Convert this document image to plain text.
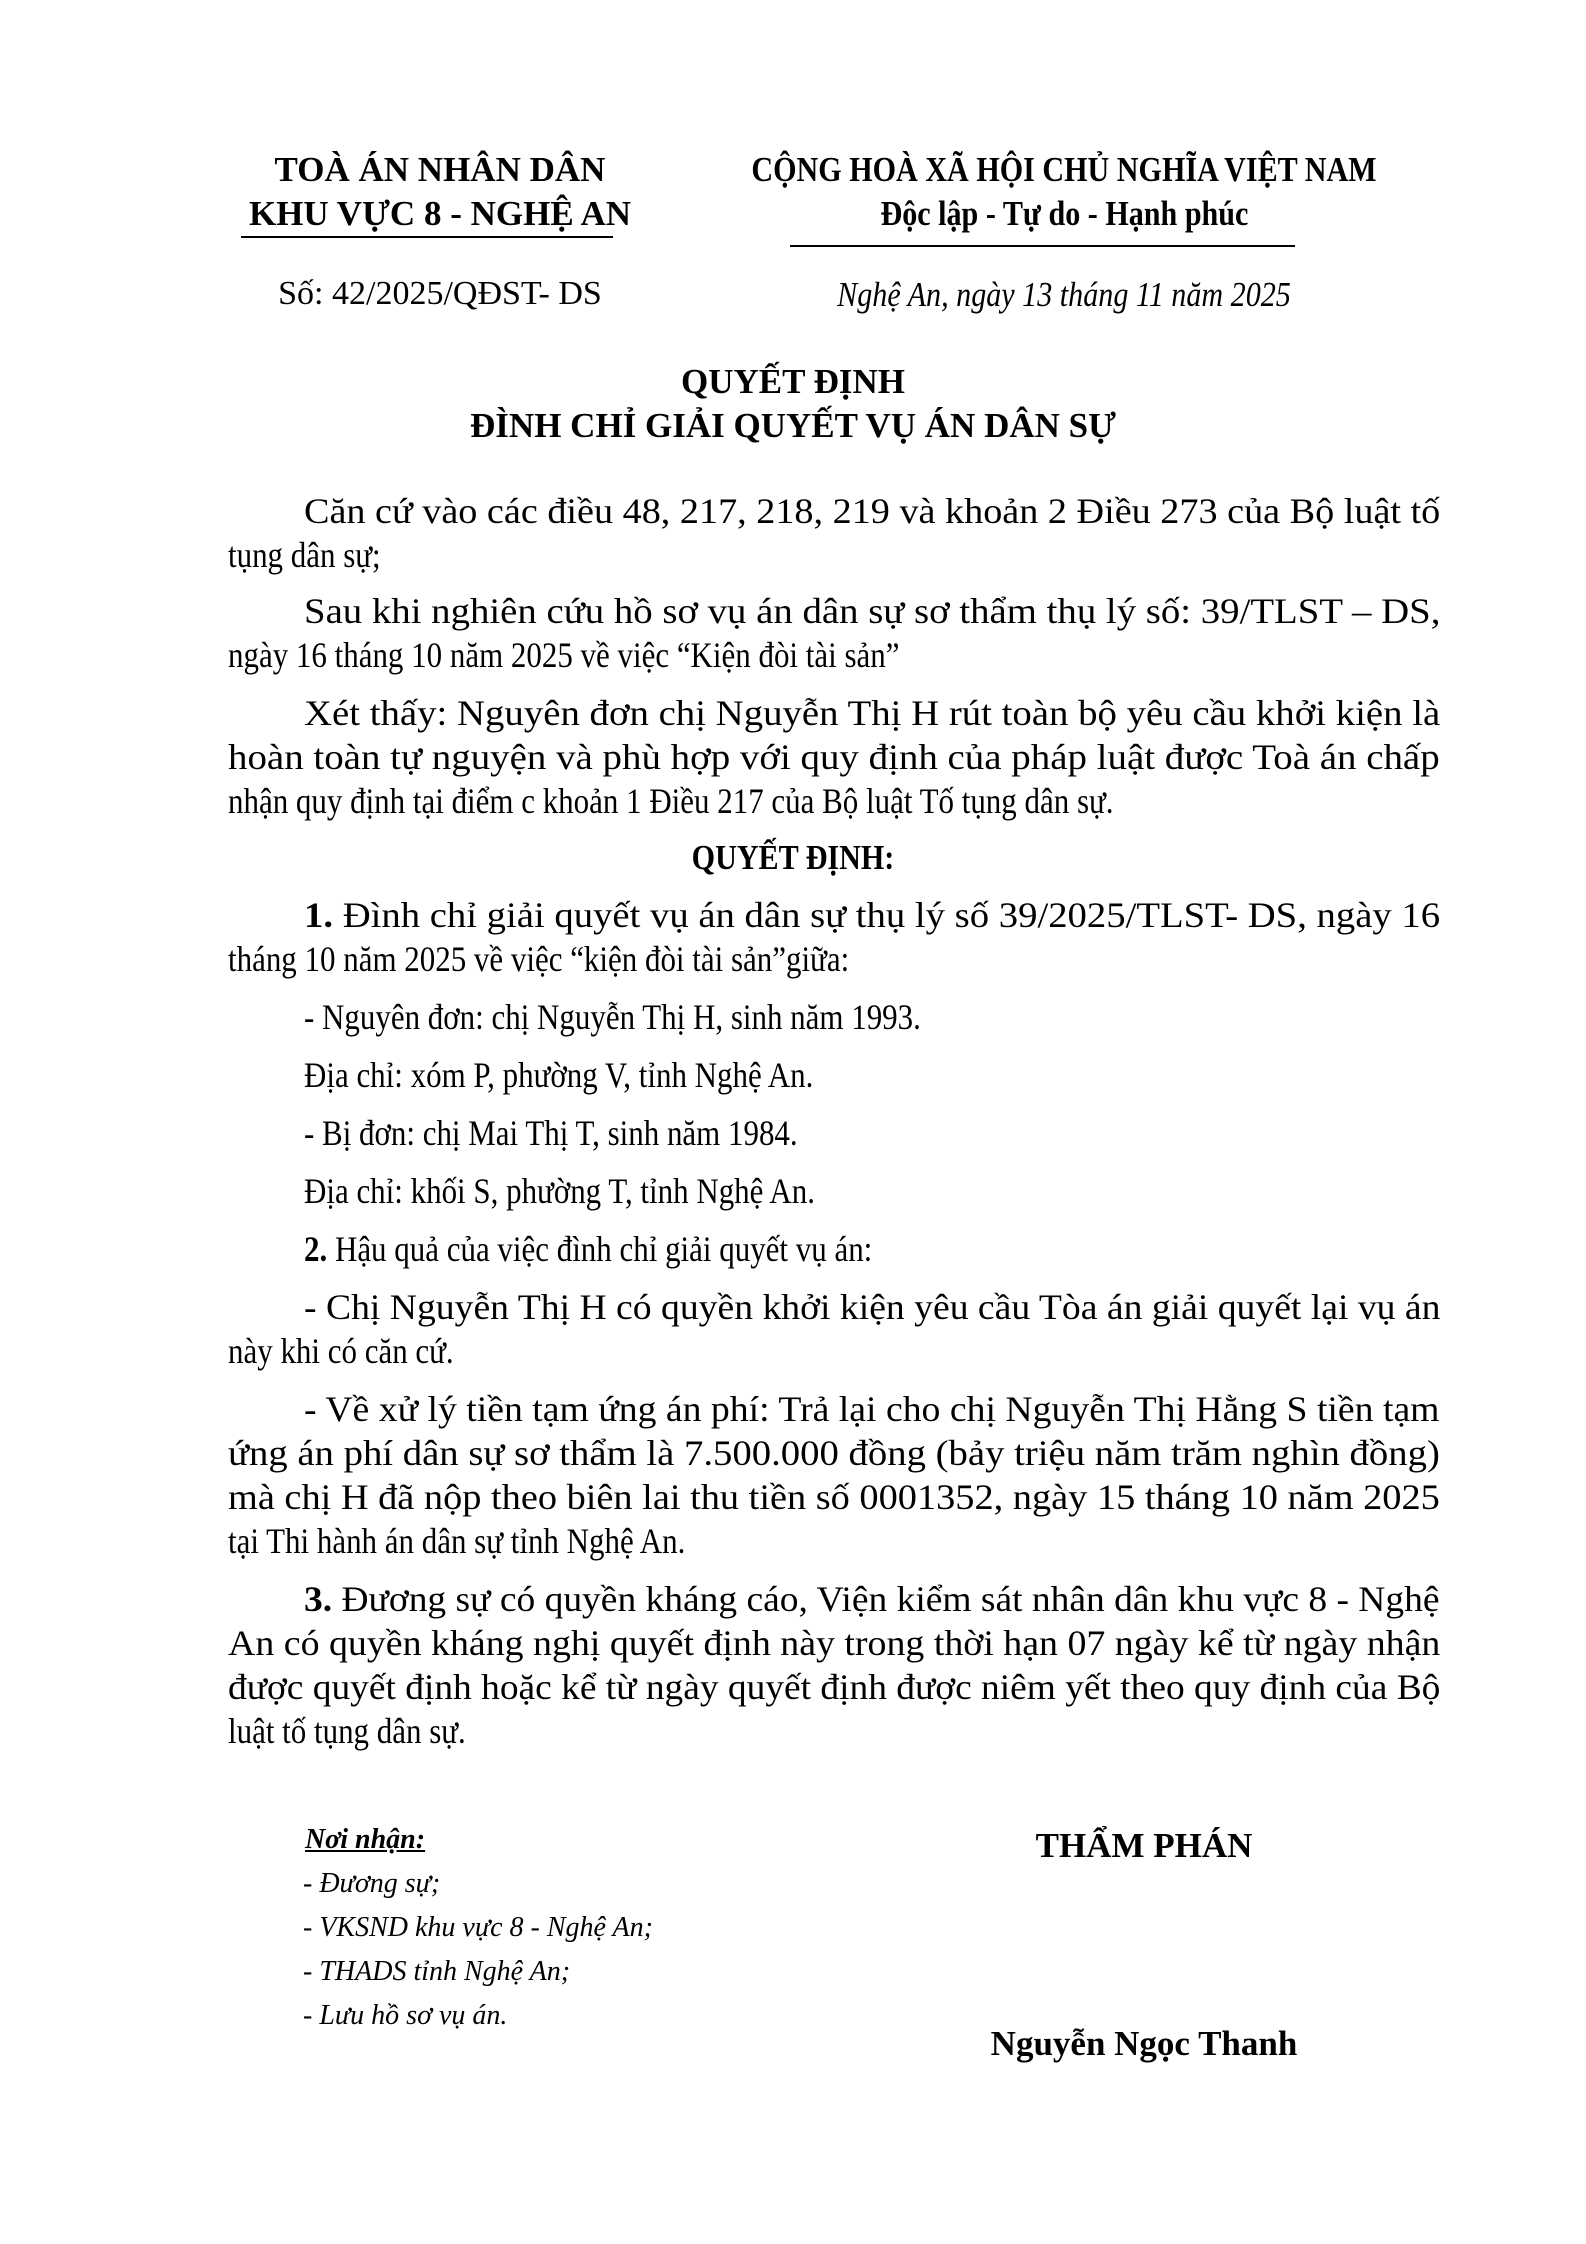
TOÀ ÁN NHÂN DÂN
KHU VỰC 8 - NGHỆ AN
CỘNG HOÀ XÃ HỘI CHỦ NGHĨA VIỆT NAM
Độc lập - Tự do - Hạnh phúc
Số: 42/2025/QĐST- DS	Nghệ An, ngày 13 tháng 11 năm 2025
QUYẾT ĐỊNH
ĐÌNH CHỈ GIẢI QUYẾT VỤ ÁN DÂN SỰ
Căn cứ vào các điều 48, 217, 218, 219 và khoản 2 Điều 273 của Bộ luật tố
tụng dân sự;
Sau khi nghiên cứu hồ sơ vụ án dân sự sơ thẩm thụ lý số: 39/TLST – DS,
ngày 16 tháng 10 năm 2025 về việc “Kiện đòi tài sản”
Xét thấy: Nguyên đơn chị Nguyễn Thị H rút toàn bộ yêu cầu khởi kiện là
hoàn toàn tự nguyện và phù hợp với quy định của pháp luật được Toà án chấp
nhận quy định tại điểm c khoản 1 Điều 217 của Bộ luật Tố tụng dân sự.
QUYẾT ĐỊNH:
1. Đình chỉ giải quyết vụ án dân sự thụ lý số 39/2025/TLST- DS, ngày 16
tháng 10 năm 2025 về việc “kiện đòi tài sản”giữa:
- Nguyên đơn: chị Nguyễn Thị H, sinh năm 1993.
Địa chỉ: xóm P, phường V, tỉnh Nghệ An.
- Bị đơn: chị Mai Thị T, sinh năm 1984.
Địa chỉ: khối S, phường T, tỉnh Nghệ An.
2. Hậu quả của việc đình chỉ giải quyết vụ án:
- Chị Nguyễn Thị H có quyền khởi kiện yêu cầu Tòa án giải quyết lại vụ án
này khi có căn cứ.
- Về xử lý tiền tạm ứng án phí: Trả lại cho chị Nguyễn Thị Hằng S tiền tạm
ứng án phí dân sự sơ thẩm là 7.500.000 đồng (bảy triệu năm trăm nghìn đồng)
mà chị H đã nộp theo biên lai thu tiền số 0001352, ngày 15 tháng 10 năm 2025
tại Thi hành án dân sự tỉnh Nghệ An.
3. Đương sự có quyền kháng cáo, Viện kiểm sát nhân dân khu vực 8 - Nghệ
An có quyền kháng nghị quyết định này trong thời hạn 07 ngày kể từ ngày nhận
được quyết định hoặc kể từ ngày quyết định được niêm yết theo quy định của Bộ
luật tố tụng dân sự.
Nơi nhận:
- Đương sự;
- VKSND khu vực 8 - Nghệ An;
- THADS tỉnh Nghệ An;
- Lưu hồ sơ vụ án.
THẨM PHÁN
Nguyễn Ngọc Thanh
